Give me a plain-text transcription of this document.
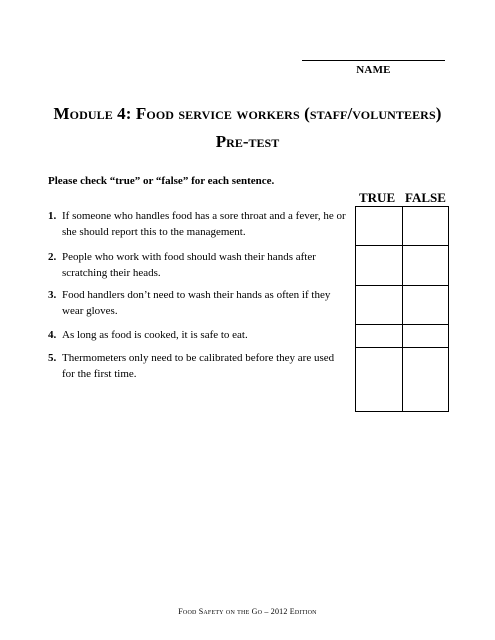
NAME
Module 4: Food service workers (staff/volunteers)
Pre-test
Please check “true” or “false” for each sentence.
TRUE FALSE
1. If someone who handles food has a sore throat and a fever, he or she should report this to the management.
2. People who work with food should wash their hands after scratching their heads.
3. Food handlers don’t need to wash their hands as often if they wear gloves.
4. As long as food is cooked, it is safe to eat.
5. Thermometers only need to be calibrated before they are used for the first time.
Food Safety on the Go – 2012 Edition
